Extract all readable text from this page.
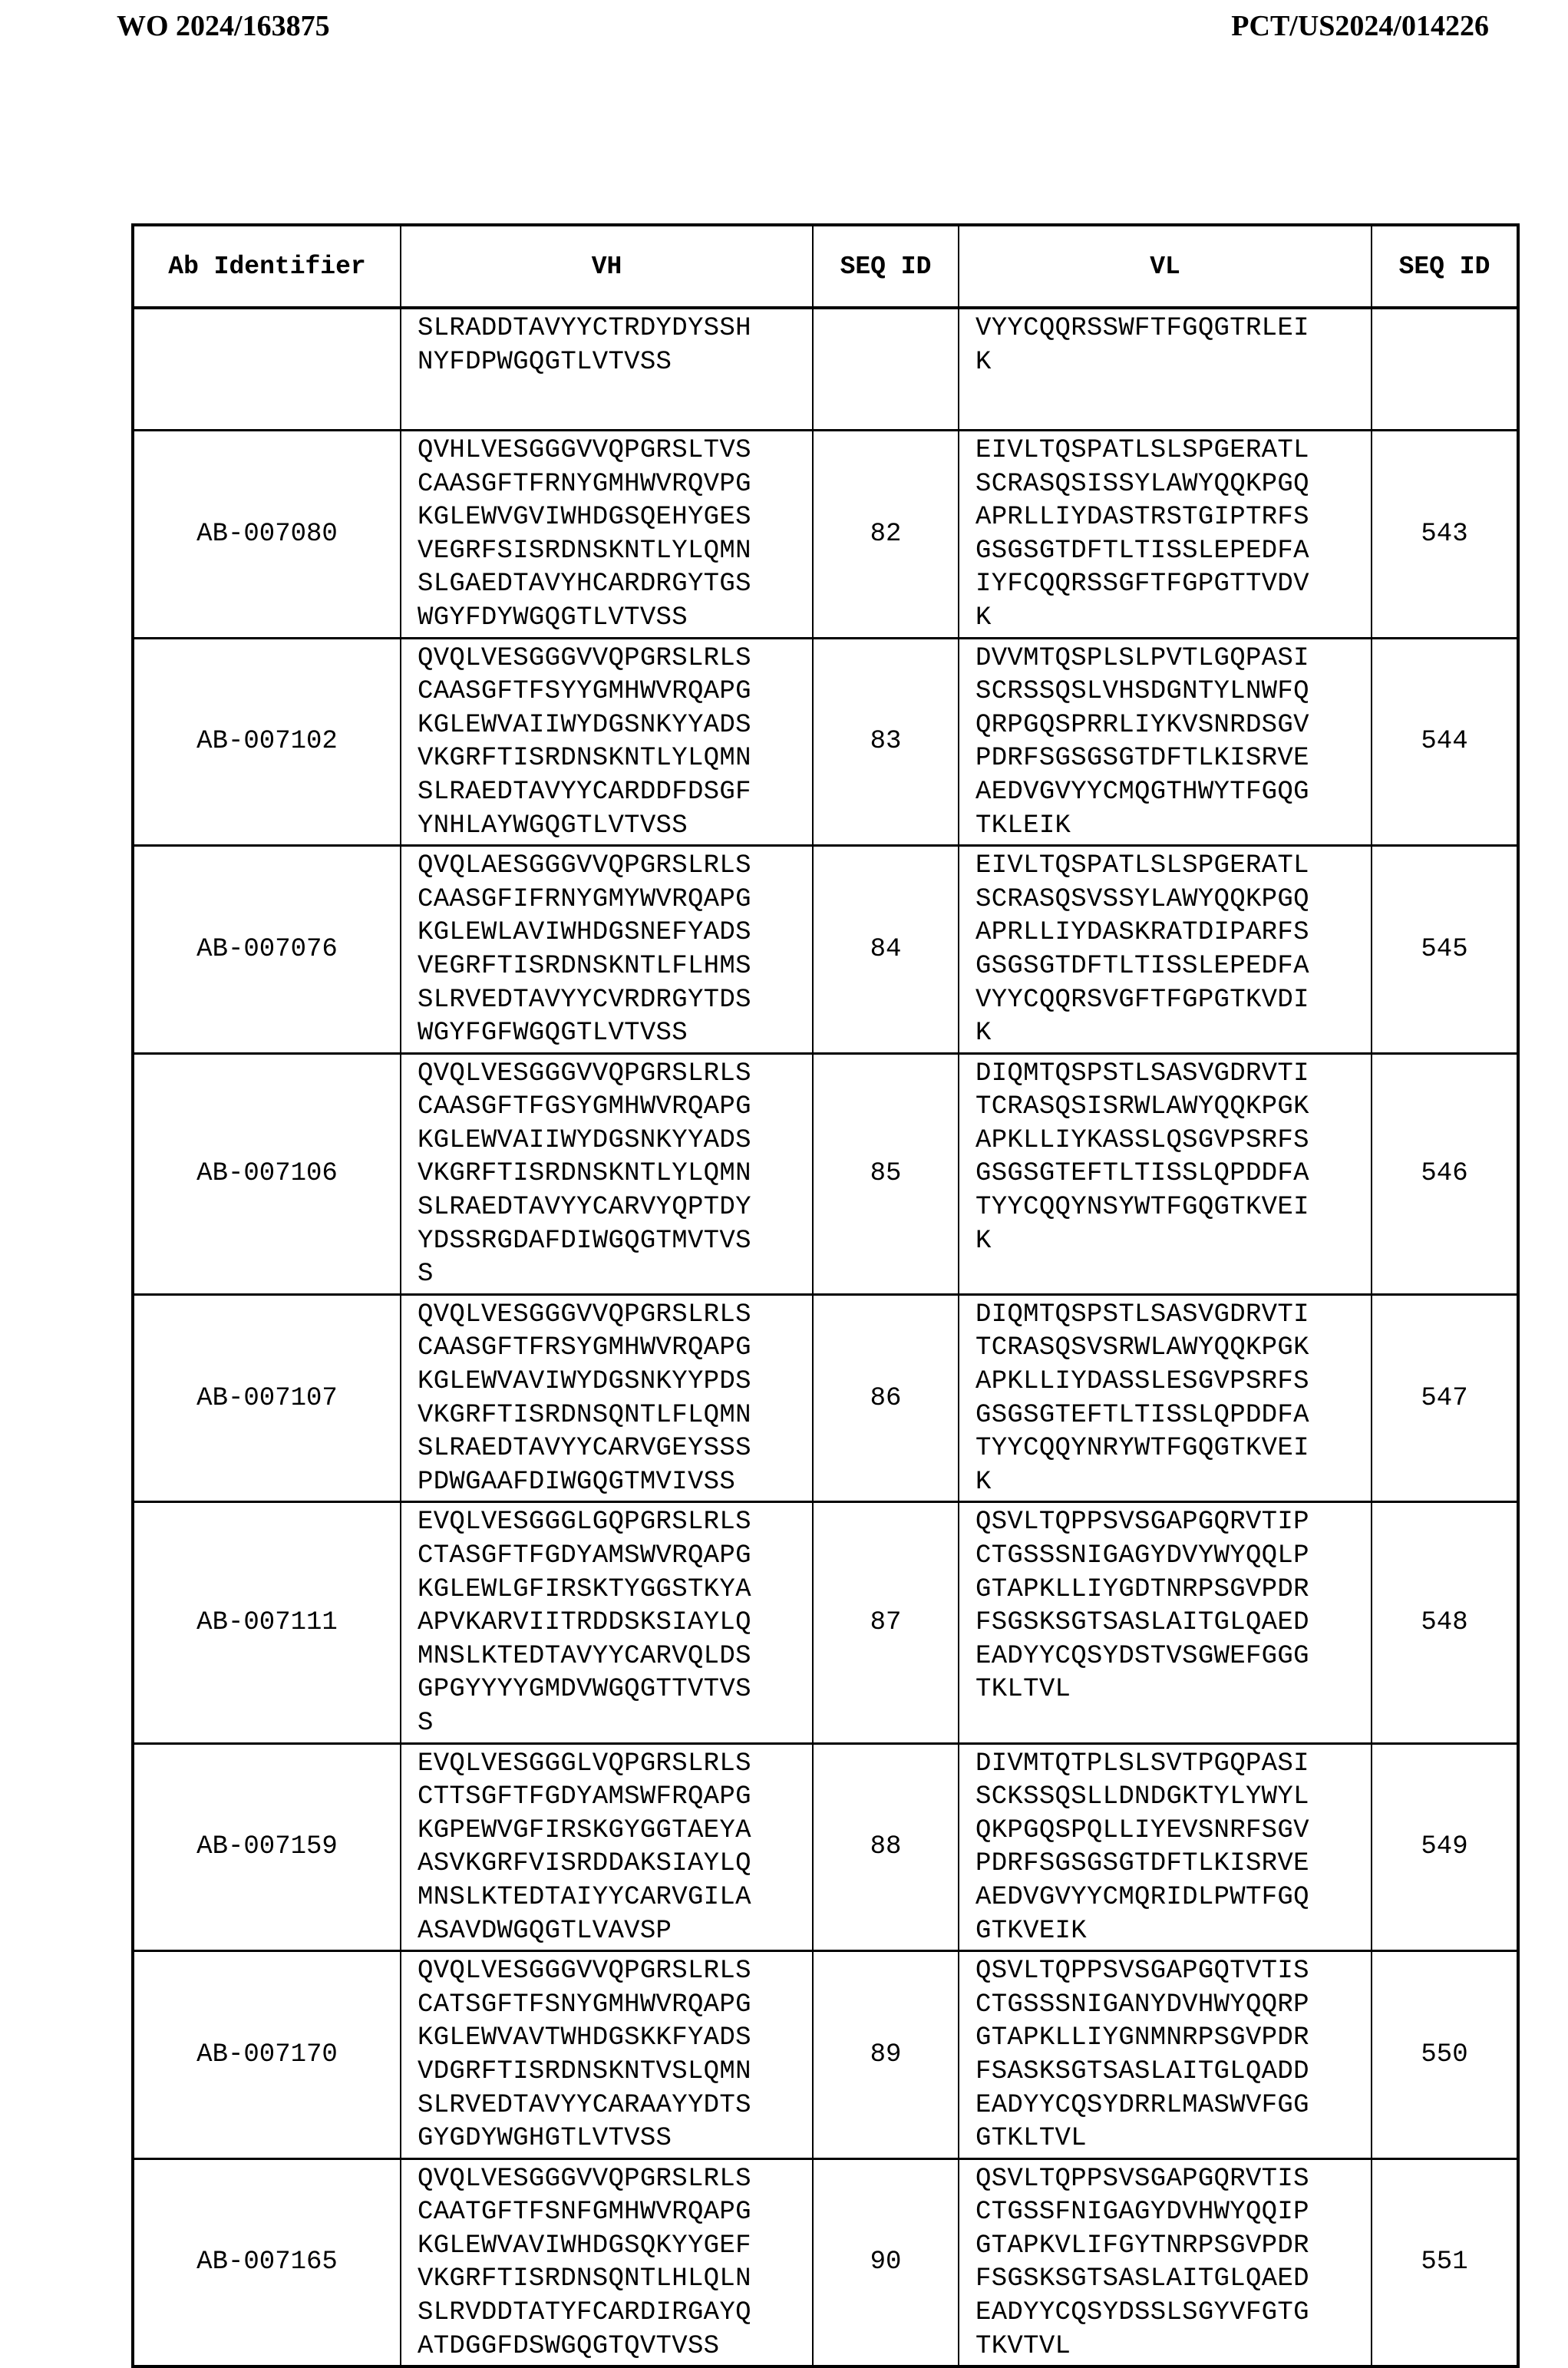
WO 2024/163875	PCT/US2024/014226
Ab Identifier	VH	SEQ ID	VL	SEQ ID

SLRADDTAVYYCTRDYDYSSH
NYFDPWGQGTLVTVSS

VYYCQQRSSWFTFGQGTRLEI
K

AB-007080	
QVHLVESGGGVVQPGRSLTVS
CAASGFTFRNYGMHWVRQVPG
KGLEWVGVIWHDGSQEHYGES
VEGRFSISRDNSKNTLYLQMN
SLGAEDTAVYHCARDRGYTGS
WGYFDYWGQGTLVTVSS
	82	
EIVLTQSPATLSLSPGERATL
SCRASQSISSYLAWYQQKPGQ
APRLLIYDASTRSTGIPTRFS
GSGSGTDFTLTISSLEPEDFA
IYFCQQRSSGFTFGPGTTVDV
K
	543
AB-007102	
QVQLVESGGGVVQPGRSLRLS
CAASGFTFSYYGMHWVRQAPG
KGLEWVAIIWYDGSNKYYADS
VKGRFTISRDNSKNTLYLQMN
SLRAEDTAVYYCARDDFDSGF
YNHLAYWGQGTLVTVSS
	83	
DVVMTQSPLSLPVTLGQPASI
SCRSSQSLVHSDGNTYLNWFQ
QRPGQSPRRLIYKVSNRDSGV
PDRFSGSGSGTDFTLKISRVE
AEDVGVYYCMQGTHWYTFGQG
TKLEIK
	544
AB-007076	
QVQLAESGGGVVQPGRSLRLS
CAASGFIFRNYGMYWVRQAPG
KGLEWLAVIWHDGSNEFYADS
VEGRFTISRDNSKNTLFLHMS
SLRVEDTAVYYCVRDRGYTDS
WGYFGFWGQGTLVTVSS
	84	
EIVLTQSPATLSLSPGERATL
SCRASQSVSSYLAWYQQKPGQ
APRLLIYDASKRATDIPARFS
GSGSGTDFTLTISSLEPEDFA
VYYCQQRSVGFTFGPGTKVDI
K
	545
AB-007106	
QVQLVESGGGVVQPGRSLRLS
CAASGFTFGSYGMHWVRQAPG
KGLEWVAIIWYDGSNKYYADS
VKGRFTISRDNSKNTLYLQMN
SLRAEDTAVYYCARVYQPTDY
YDSSRGDAFDIWGQGTMVTVS
S
	85	
DIQMTQSPSTLSASVGDRVTI
TCRASQSISRWLAWYQQKPGK
APKLLIYKASSLQSGVPSRFS
GSGSGTEFTLTISSLQPDDFA
TYYCQQYNSYWTFGQGTKVEI
K
	546
AB-007107	
QVQLVESGGGVVQPGRSLRLS
CAASGFTFRSYGMHWVRQAPG
KGLEWVAVIWYDGSNKYYPDS
VKGRFTISRDNSQNTLFLQMN
SLRAEDTAVYYCARVGEYSSS
PDWGAAFDIWGQGTMVIVSS
	86	
DIQMTQSPSTLSASVGDRVTI
TCRASQSVSRWLAWYQQKPGK
APKLLIYDASSLESGVPSRFS
GSGSGTEFTLTISSLQPDDFA
TYYCQQYNRYWTFGQGTKVEI
K
	547
AB-007111	
EVQLVESGGGLGQPGRSLRLS
CTASGFTFGDYAMSWVRQAPG
KGLEWLGFIRSKTYGGSTKYA
APVKARVIITRDDSKSIAYLQ
MNSLKTEDTAVYYCARVQLDS
GPGYYYYGMDVWGQGTTVTVS
S
	87	
QSVLTQPPSVSGAPGQRVTIP
CTGSSSNIGAGYDVYWYQQLP
GTAPKLLIYGDTNRPSGVPDR
FSGSKSGTSASLAITGLQAED
EADYYCQSYDSTVSGWEFGGG
TKLTVL
	548
AB-007159	
EVQLVESGGGLVQPGRSLRLS
CTTSGFTFGDYAMSWFRQAPG
KGPEWVGFIRSKGYGGTAEYA
ASVKGRFVISRDDAKSIAYLQ
MNSLKTEDTAIYYCARVGILA
ASAVDWGQGTLVAVSP
	88	
DIVMTQTPLSLSVTPGQPASI
SCKSSQSLLDNDGKTYLYWYL
QKPGQSPQLLIYEVSNRFSGV
PDRFSGSGSGTDFTLKISRVE
AEDVGVYYCMQRIDLPWTFGQ
GTKVEIK
	549
AB-007170	
QVQLVESGGGVVQPGRSLRLS
CATSGFTFSNYGMHWVRQAPG
KGLEWVAVTWHDGSKKFYADS
VDGRFTISRDNSKNTVSLQMN
SLRVEDTAVYYCARAAYYDTS
GYGDYWGHGTLVTVSS
	89	
QSVLTQPPSVSGAPGQTVTIS
CTGSSSNIGANYDVHWYQQRP
GTAPKLLIYGNMNRPSGVPDR
FSASKSGTSASLAITGLQADD
EADYYCQSYDRRLMASWVFGG
GTKLTVL
	550
AB-007165	
QVQLVESGGGVVQPGRSLRLS
CAATGFTFSNFGMHWVRQAPG
KGLEWVAVIWHDGSQKYYGEF
VKGRFTISRDNSQNTLHLQLN
SLRVDDTATYFCARDIRGAYQ
ATDGGFDSWGQGTQVTVSS
	90	
QSVLTQPPSVSGAPGQRVTIS
CTGSSFNIGAGYDVHWYQQIP
GTAPKVLIFGYTNRPSGVPDR
FSGSKSGTSASLAITGLQAED
EADYYCQSYDSSLSGYVFGTG
TKVTVL
	551
